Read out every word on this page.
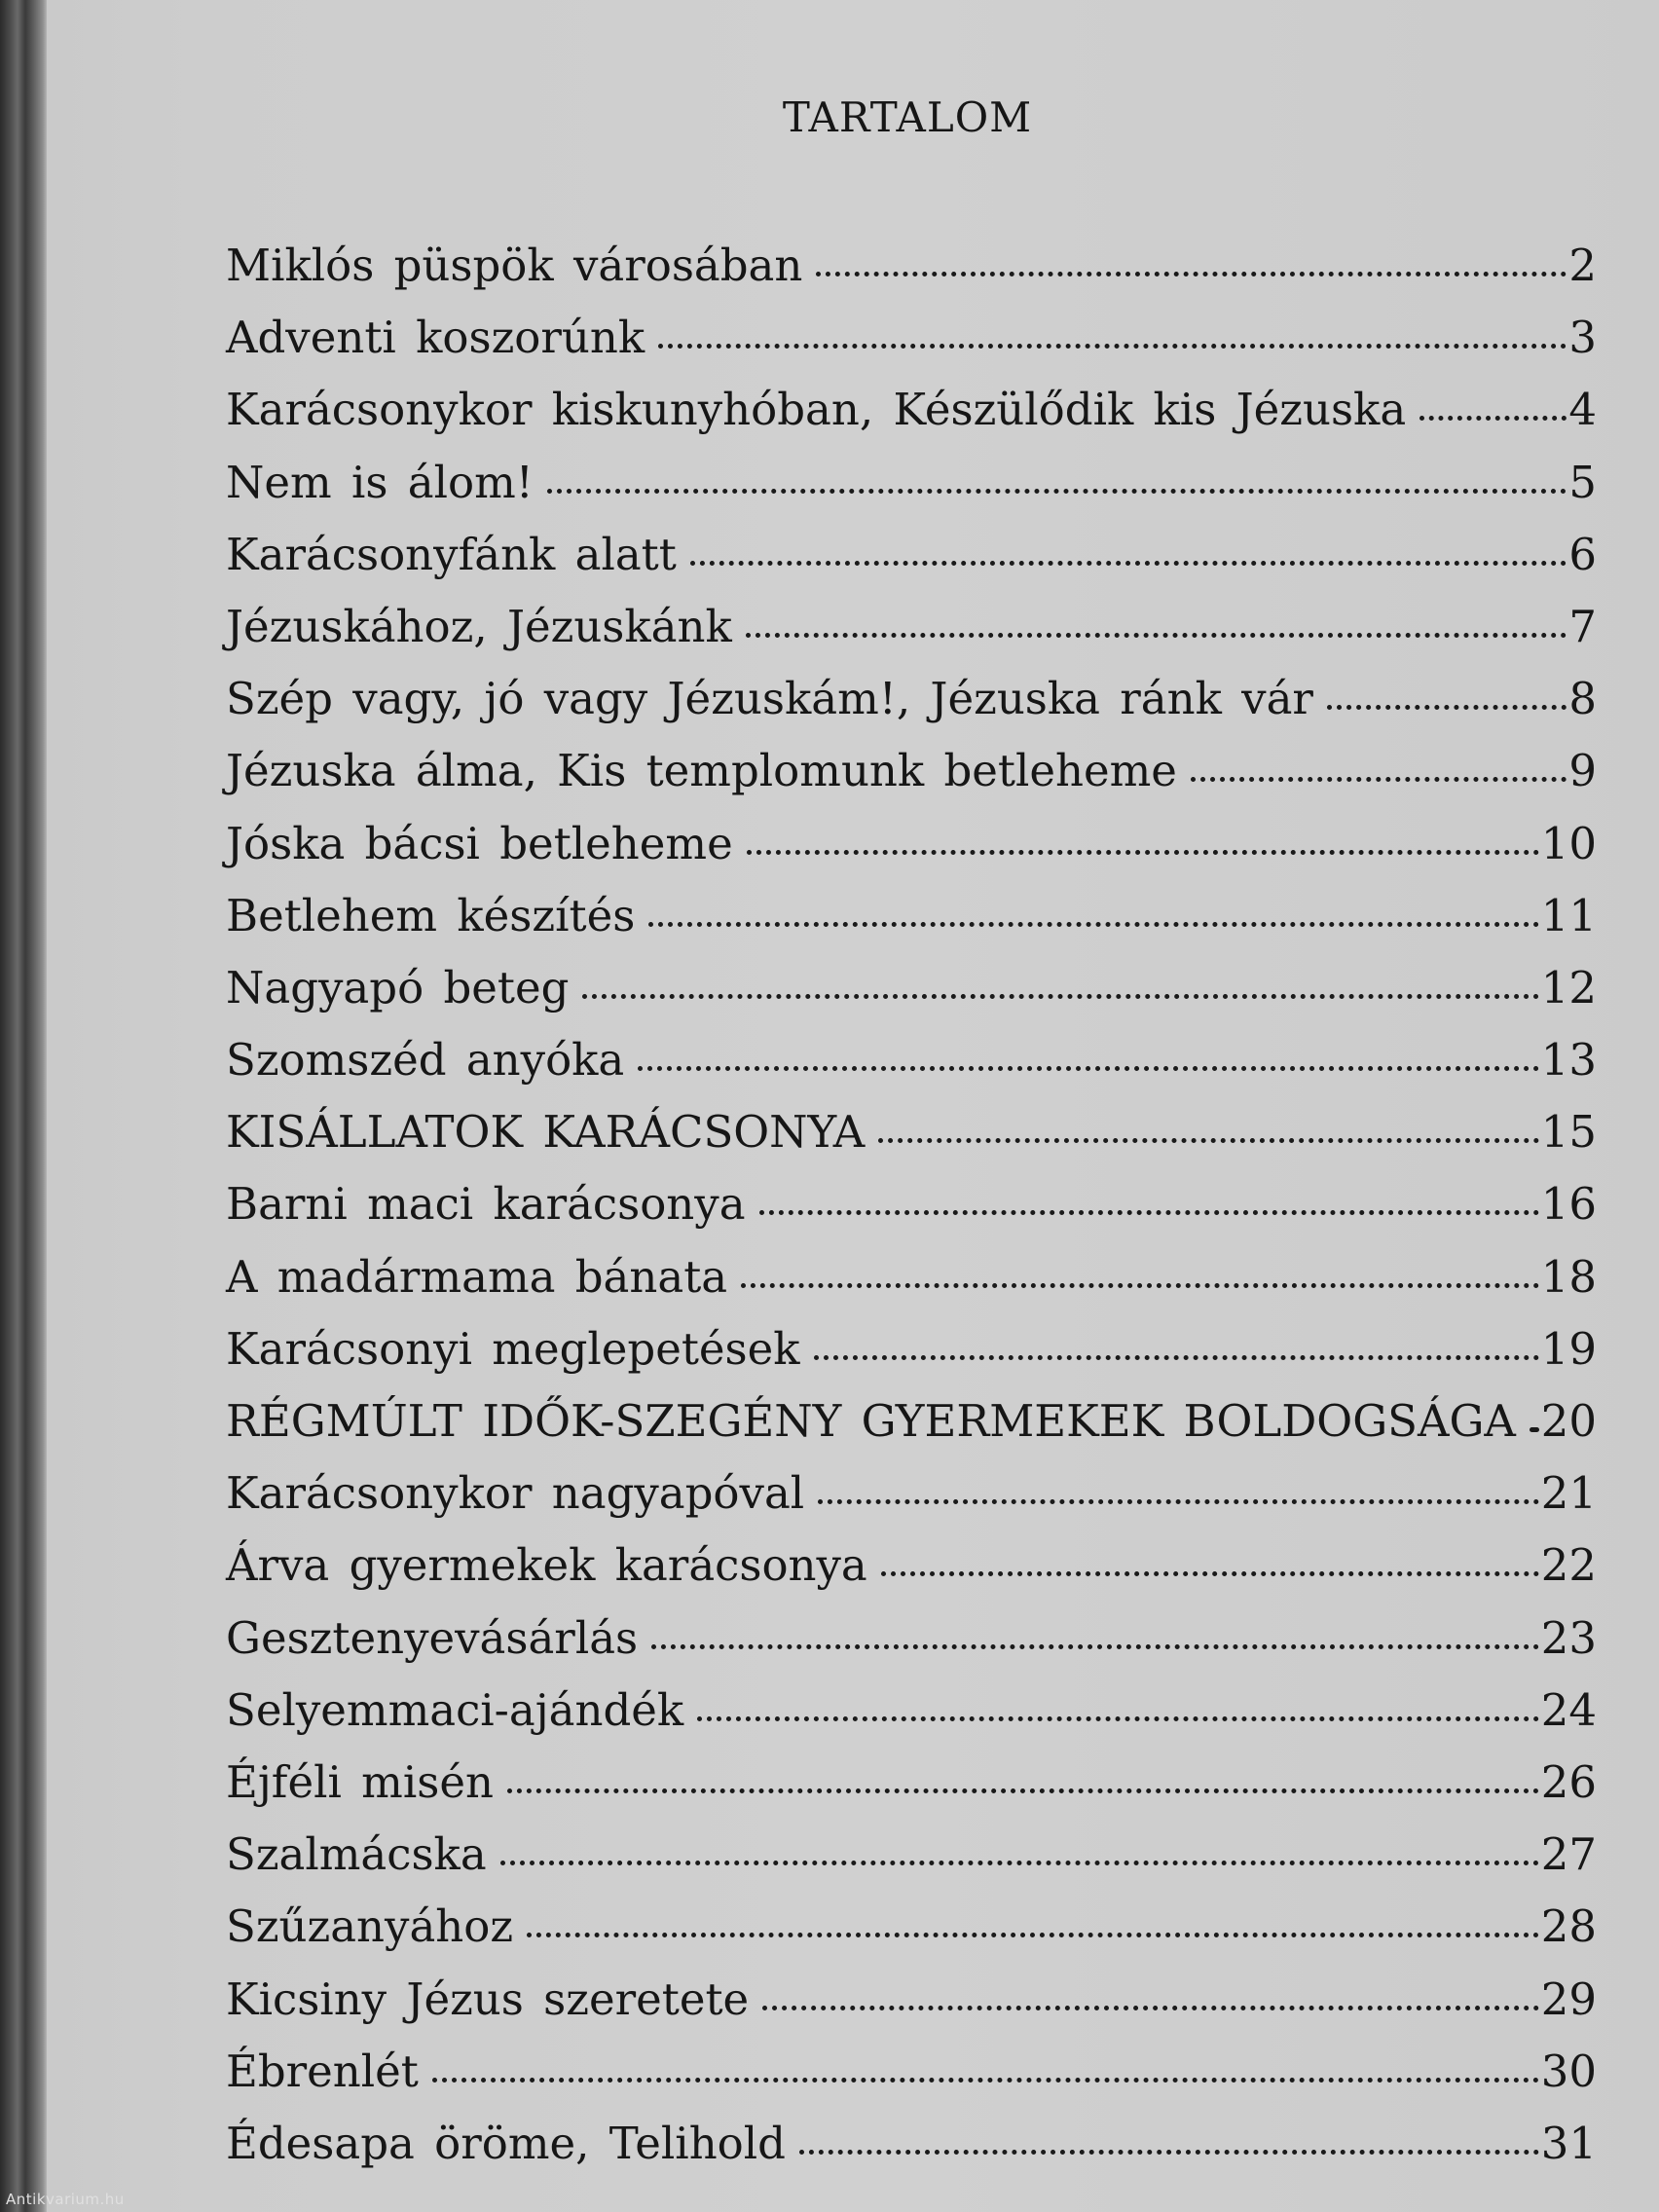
TARTALOM
Miklós püspök városában	2
Adventi koszorúnk	3
Karácsonykor kiskunyhóban, Készülődik kis Jézuska	4
Nem is álom!	5
Karácsonyfánk alatt	6
Jézuskához, Jézuskánk	7
Szép vagy, jó vagy Jézuskám!, Jézuska ránk vár	8
Jézuska álma, Kis templomunk betleheme	9
Jóska bácsi betleheme	10
Betlehem készítés	11
Nagyapó beteg	12
Szomszéd anyóka	13
KISÁLLATOK KARÁCSONYA	15
Barni maci karácsonya	16
A madármama bánata	18
Karácsonyi meglepetések	19
RÉGMÚLT IDŐK-SZEGÉNY GYERMEKEK BOLDOGSÁGA 20
Karácsonykor nagyapóval	21
Árva gyermekek karácsonya	22
Gesztenyevásárlás	23
Selyemmaci-ajándék	24
Éjféli misén	26
Szalmácska	27
Szűzanyához	28
Kicsiny Jézus szeretete	29
Ébrenlét	30
Édesapa öröme, Telihold	31
Antikvarium.hu
